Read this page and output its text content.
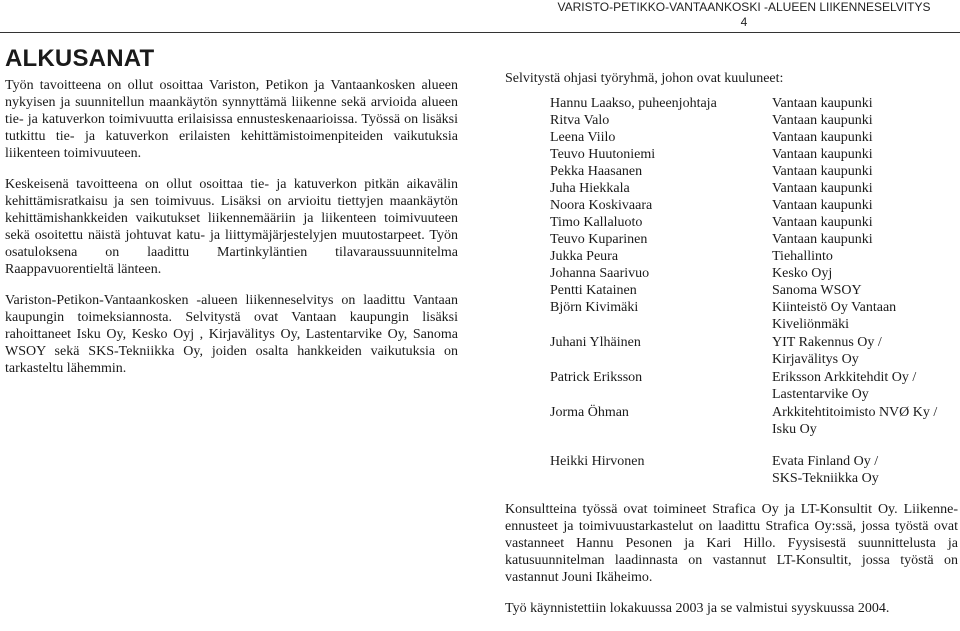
VARISTO-PETIKKO-VANTAANKOSKI -ALUEEN LIIKENNESELVITYS
4
ALKUSANAT

Työn tavoitteena on ollut osoittaa Variston, Petikon ja Vantaankosken alueen nykyisen ja suunnitellun maankäytön synnyttämä liikenne sekä arvioida alueen tie- ja katuverkon toimivuutta erilaisissa ennusteskenaarioissa. Työssä on lisäksi tutkittu tie- ja katuverkon erilaisten kehittämistoimenpiteiden vaikutuksia liikenteen toimivuuteen.

Keskeisenä tavoitteena on ollut osoittaa tie- ja katuverkon pitkän aikavälin kehittämisratkaisu ja sen toimivuus. Lisäksi on arvioitu tiettyjen maankäytön kehittämishankkeiden vaikutukset liikennemääriin ja liikenteen toimivuuteen sekä osoitettu näistä johtuvat katu- ja liittymäjärjestelyjen muutostarpeet. Työn osatuloksena on laadittu Martinkyläntien tilavaraussuunnitelma Raappavuorentieltä länteen.

Variston-Petikon-Vantaankosken -alueen liikenneselvitys on laadittu Vantaan kaupungin toimeksiannosta. Selvitystä ovat Vantaan kaupungin lisäksi rahoittaneet Isku Oy, Kesko Oyj , Kirjavälitys Oy, Lastentarvike Oy, Sanoma WSOY sekä SKS-Tekniikka Oy, joiden osalta hankkeiden vaikutuksia on tarkasteltu lähemmin.

Selvitystä ohjasi työryhmä, johon ovat kuuluneet:

Hannu Laakso, puheenjohtaja	Vantaan kaupunki
Ritva Valo	Vantaan kaupunki
Leena Viilo	Vantaan kaupunki
Teuvo Huutoniemi	Vantaan kaupunki
Pekka Haasanen	Vantaan kaupunki
Juha Hiekkala	Vantaan kaupunki
Noora Koskivaara	Vantaan kaupunki
Timo Kallaluoto	Vantaan kaupunki
Teuvo Kuparinen	Vantaan kaupunki
Jukka Peura	Tiehallinto
Johanna Saarivuo	Kesko Oyj
Pentti Katainen	Sanoma WSOY
Björn Kivimäki	Kiinteistö Oy Vantaan
Kiveliönmäki
Juhani Ylhäinen	YIT Rakennus Oy /
Kirjavälitys Oy
Patrick Eriksson	Eriksson Arkkitehdit Oy /
Lastentarvike Oy
Jorma Öhman	Arkkitehtitoimisto NVØ Ky /
Isku Oy
Heikki Hirvonen	Evata Finland Oy /
SKS-Tekniikka Oy

Konsultteina työssä ovat toimineet Strafica Oy ja LT-Konsultit Oy. Liikenne-ennusteet ja toimivuustarkastelut on laadittu Strafica Oy:ssä, jossa työstä ovat vastanneet Hannu Pesonen ja Kari Hillo. Fyysisestä suunnittelusta ja katusuunnitelman laadinnasta on vastannut LT-Konsultit, jossa työstä on vastannut Jouni Ikäheimo.

Työ käynnistettiin lokakuussa 2003 ja se valmistui syyskuussa 2004.
